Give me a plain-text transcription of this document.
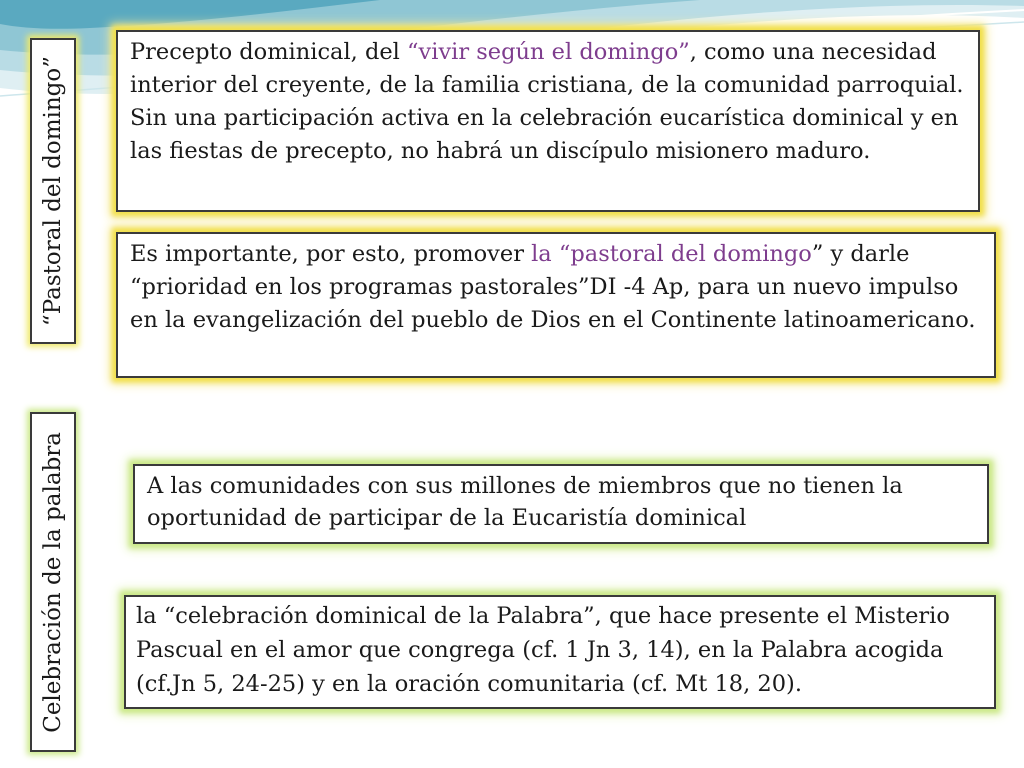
“Pastoral del domingo”
Celebración de la palabra

Precepto dominical, del “vivir según el domingo”, como una necesidad interior del creyente, de la familia cristiana, de la comunidad parroquial.

Sin una participación activa en la celebración eucarística dominical y en las fiestas de precepto, no habrá un discípulo misionero maduro.

Es importante, por esto, promover la “pastoral del domingo” y darle “prioridad en los programas pastorales”DI -4 Ap, para un nuevo impulso en la evangelización del pueblo de Dios en el Continente latinoamericano.

A las comunidades con sus millones de miembros que no tienen la oportunidad de participar de la Eucaristía dominical

la “celebración dominical de la Palabra”, que hace presente el Misterio Pascual en el amor que congrega (cf. 1 Jn 3, 14), en la Palabra acogida (cf.Jn 5, 24-25) y en la oración comunitaria (cf. Mt 18, 20).
